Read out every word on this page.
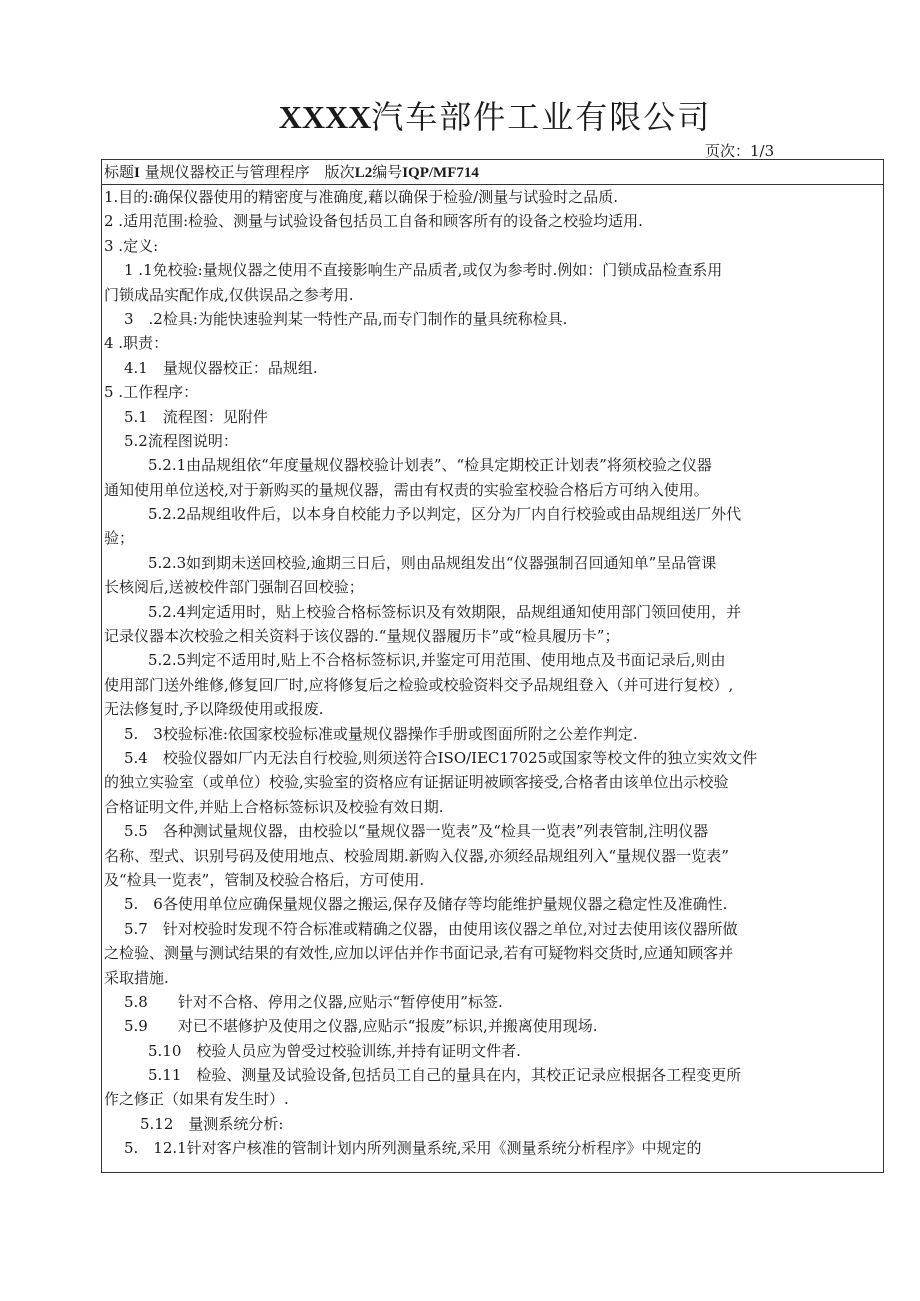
XXXX汽车部件工业有限公司
页次：1/3
标题I 量规仪器校正与管理程序　 版次L2编号IQP/MF714
1.目的:确保仪器使用的精密度与准确度,藉以确保于检验/测量与试验时之品质.
2 .适用范围:检验、测量与试验设备包括员工自备和顾客所有的设备之校验均适用.
3 .定义:
1 .1免校验:量规仪器之使用不直接影响生产品质者,或仅为参考时.例如：门锁成品检查系用
门锁成品实配作成,仅供误品之参考用.
3　.2检具:为能快速验判某一特性产品,而专门制作的量具统称检具.
4 .职责：
4.1　量规仪器校正：品规组.
5 .工作程序：
5.1　流程图：见附件
5.2流程图说明：
5.2.1由品规组依“年度量规仪器校验计划表”、“检具定期校正计划表”将须校验之仪器
通知使用单位送校,对于新购买的量规仪器，需由有权责的实验室校验合格后方可纳入使用。
5.2.2品规组收件后，以本身自校能力予以判定，区分为厂内自行校验或由品规组送厂外代
验；
5.2.3如到期未送回校验,逾期三日后，则由品规组发出“仪器强制召回通知单”呈品管课
长核阅后,送被校件部门强制召回校验；
5.2.4判定适用时，贴上校验合格标签标识及有效期限，品规组通知使用部门领回使用，并
记录仪器本次校验之相关资料于该仪器的.“量规仪器履历卡”或“检具履历卡”；
5.2.5判定不适用时,贴上不合格标签标识,并鉴定可用范围、使用地点及书面记录后,则由
使用部门送外维修,修复回厂时,应将修复后之检验或校验资料交予品规组登入（并可进行复校）,
无法修复时,予以降级使用或报废.
5.　3校验标准:依国家校验标准或量规仪器操作手册或图面所附之公差作判定.
5.4　校验仪器如厂内无法自行校验,则须送符合ISO/IEC17025或国家等校文件的独立实效文件
的独立实验室（或单位）校验,实验室的资格应有证据证明被顾客接受,合格者由该单位出示校验
合格证明文件,并贴上合格标签标识及校验有效日期.
5.5　各种测试量规仪器，由校验以“量规仪器一览表”及“检具一览表”列表管制,注明仪器
名称、型式、识别号码及使用地点、校验周期.新购入仪器,亦须经品规组列入“量规仪器一览表”
及“检具一览表”，管制及校验合格后，方可使用.
5.　6各使用单位应确保量规仪器之搬运,保存及储存等均能维护量规仪器之稳定性及准确性.
5.7　针对校验时发现不符合标准或精确之仪器，由使用该仪器之单位,对过去使用该仪器所做
之检验、测量与测试结果的有效性,应加以评估并作书面记录,若有可疑物料交货时,应通知顾客并
采取措施.
5.8　　针对不合格、停用之仪器,应贴示“暂停使用”标签.
5.9　　对已不堪修护及使用之仪器,应贴示“报废”标识,并搬离使用现场.
5.10　校验人员应为曾受过校验训练,并持有证明文件者.
5.11　检验、测量及试验设备,包括员工自己的量具在内，其校正记录应根据各工程变更所
作之修正（如果有发生时）.
5.12　量测系统分析:
5.　12.1针对客户核准的管制计划内所列测量系统,采用《测量系统分析程序》中规定的
